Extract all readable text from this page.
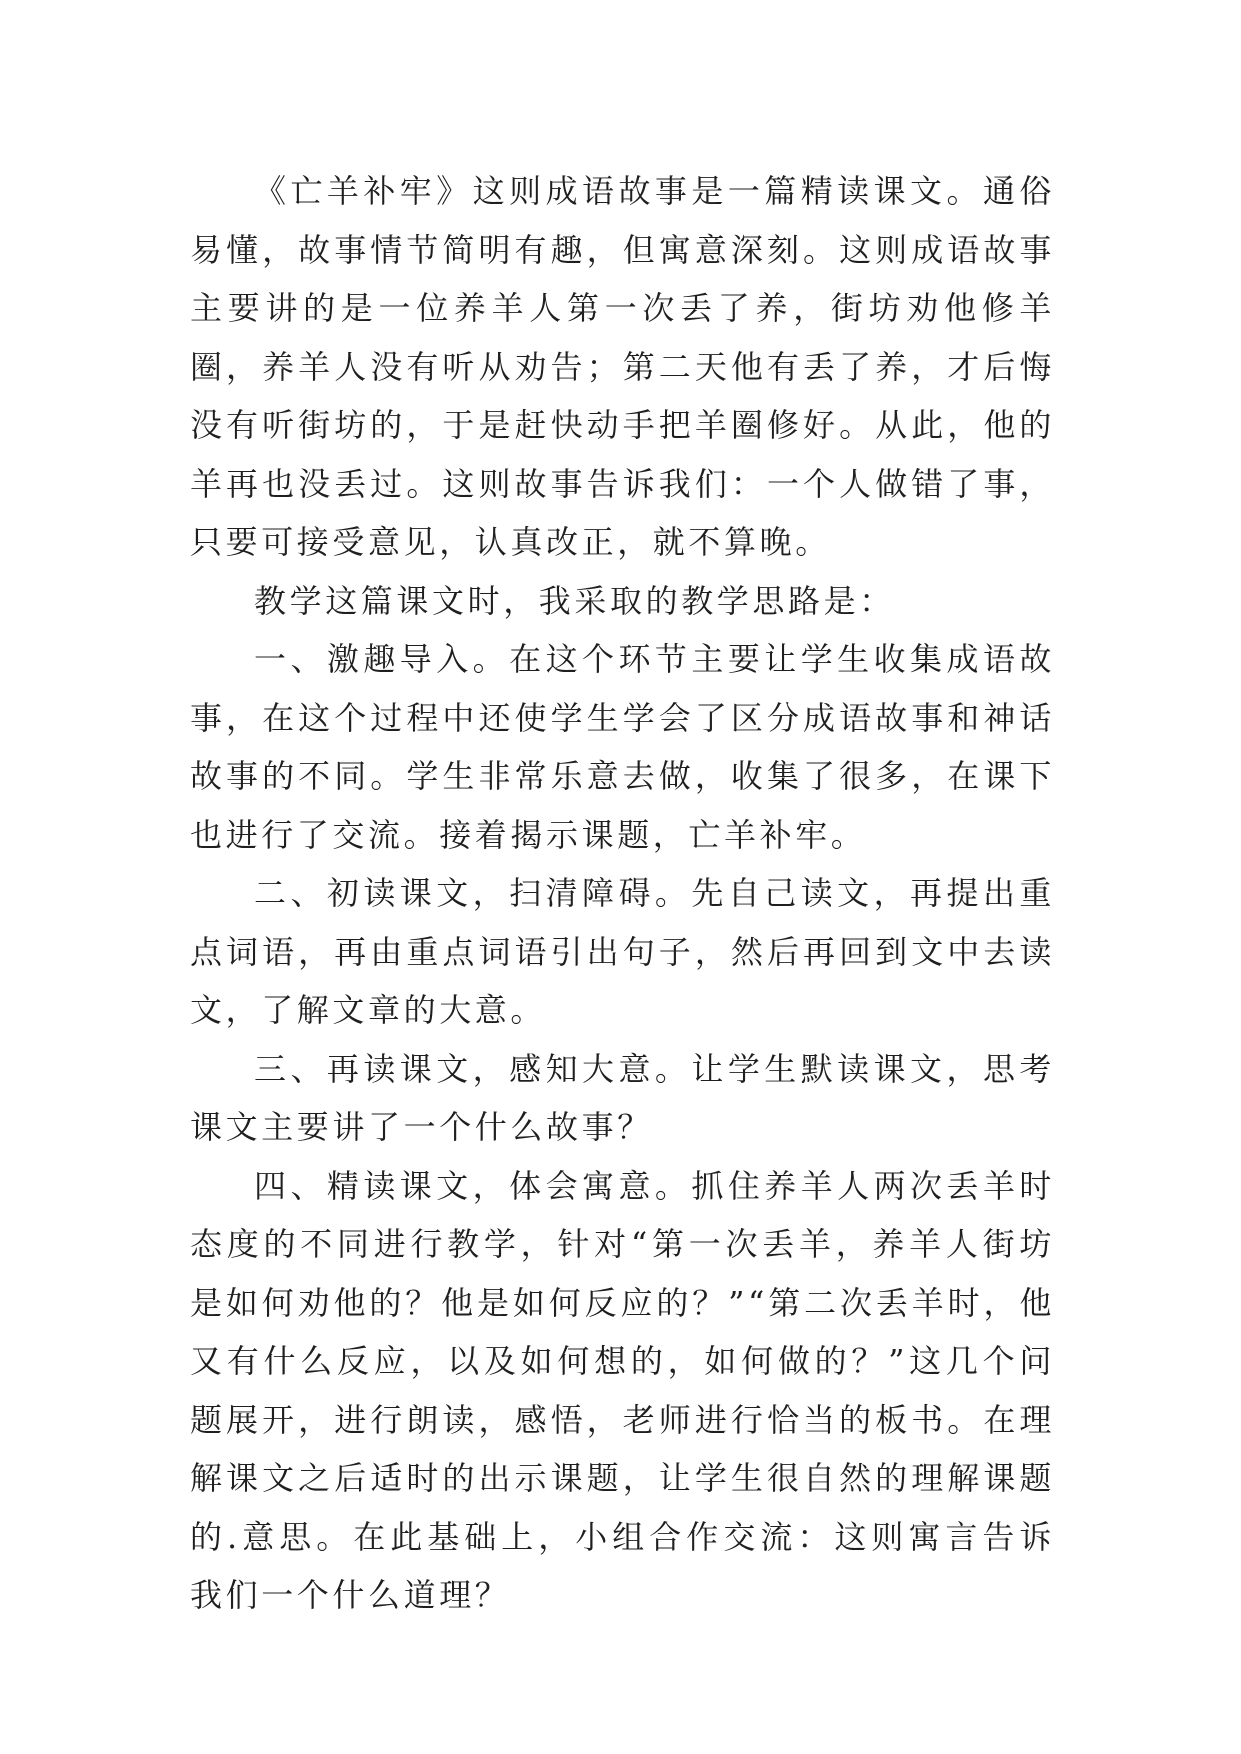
《亡羊补牢》这则成语故事是一篇精读课文。通俗易懂，故事情节简明有趣，但寓意深刻。这则成语故事主要讲的是一位养羊人第一次丢了养，街坊劝他修羊圈，养羊人没有听从劝告；第二天他有丢了养，才后悔没有听街坊的，于是赶快动手把羊圈修好。从此，他的羊再也没丢过。这则故事告诉我们：一个人做错了事，只要可接受意见，认真改正，就不算晚。

教学这篇课文时，我采取的教学思路是：

一、激趣导入。在这个环节主要让学生收集成语故事，在这个过程中还使学生学会了区分成语故事和神话故事的不同。学生非常乐意去做，收集了很多，在课下也进行了交流。接着揭示课题，亡羊补牢。

二、初读课文，扫清障碍。先自己读文，再提出重点词语，再由重点词语引出句子，然后再回到文中去读文，了解文章的大意。

三、再读课文，感知大意。让学生默读课文，思考课文主要讲了一个什么故事？

四、精读课文，体会寓意。抓住养羊人两次丢羊时态度的不同进行教学，针对“第一次丢羊，养羊人街坊是如何劝他的？他是如何反应的？”“第二次丢羊时，他又有什么反应，以及如何想的，如何做的？”这几个问题展开，进行朗读，感悟，老师进行恰当的板书。在理解课文之后适时的出示课题，让学生很自然的理解课题的.意思。在此基础上，小组合作交流：这则寓言告诉我们一个什么道理？
